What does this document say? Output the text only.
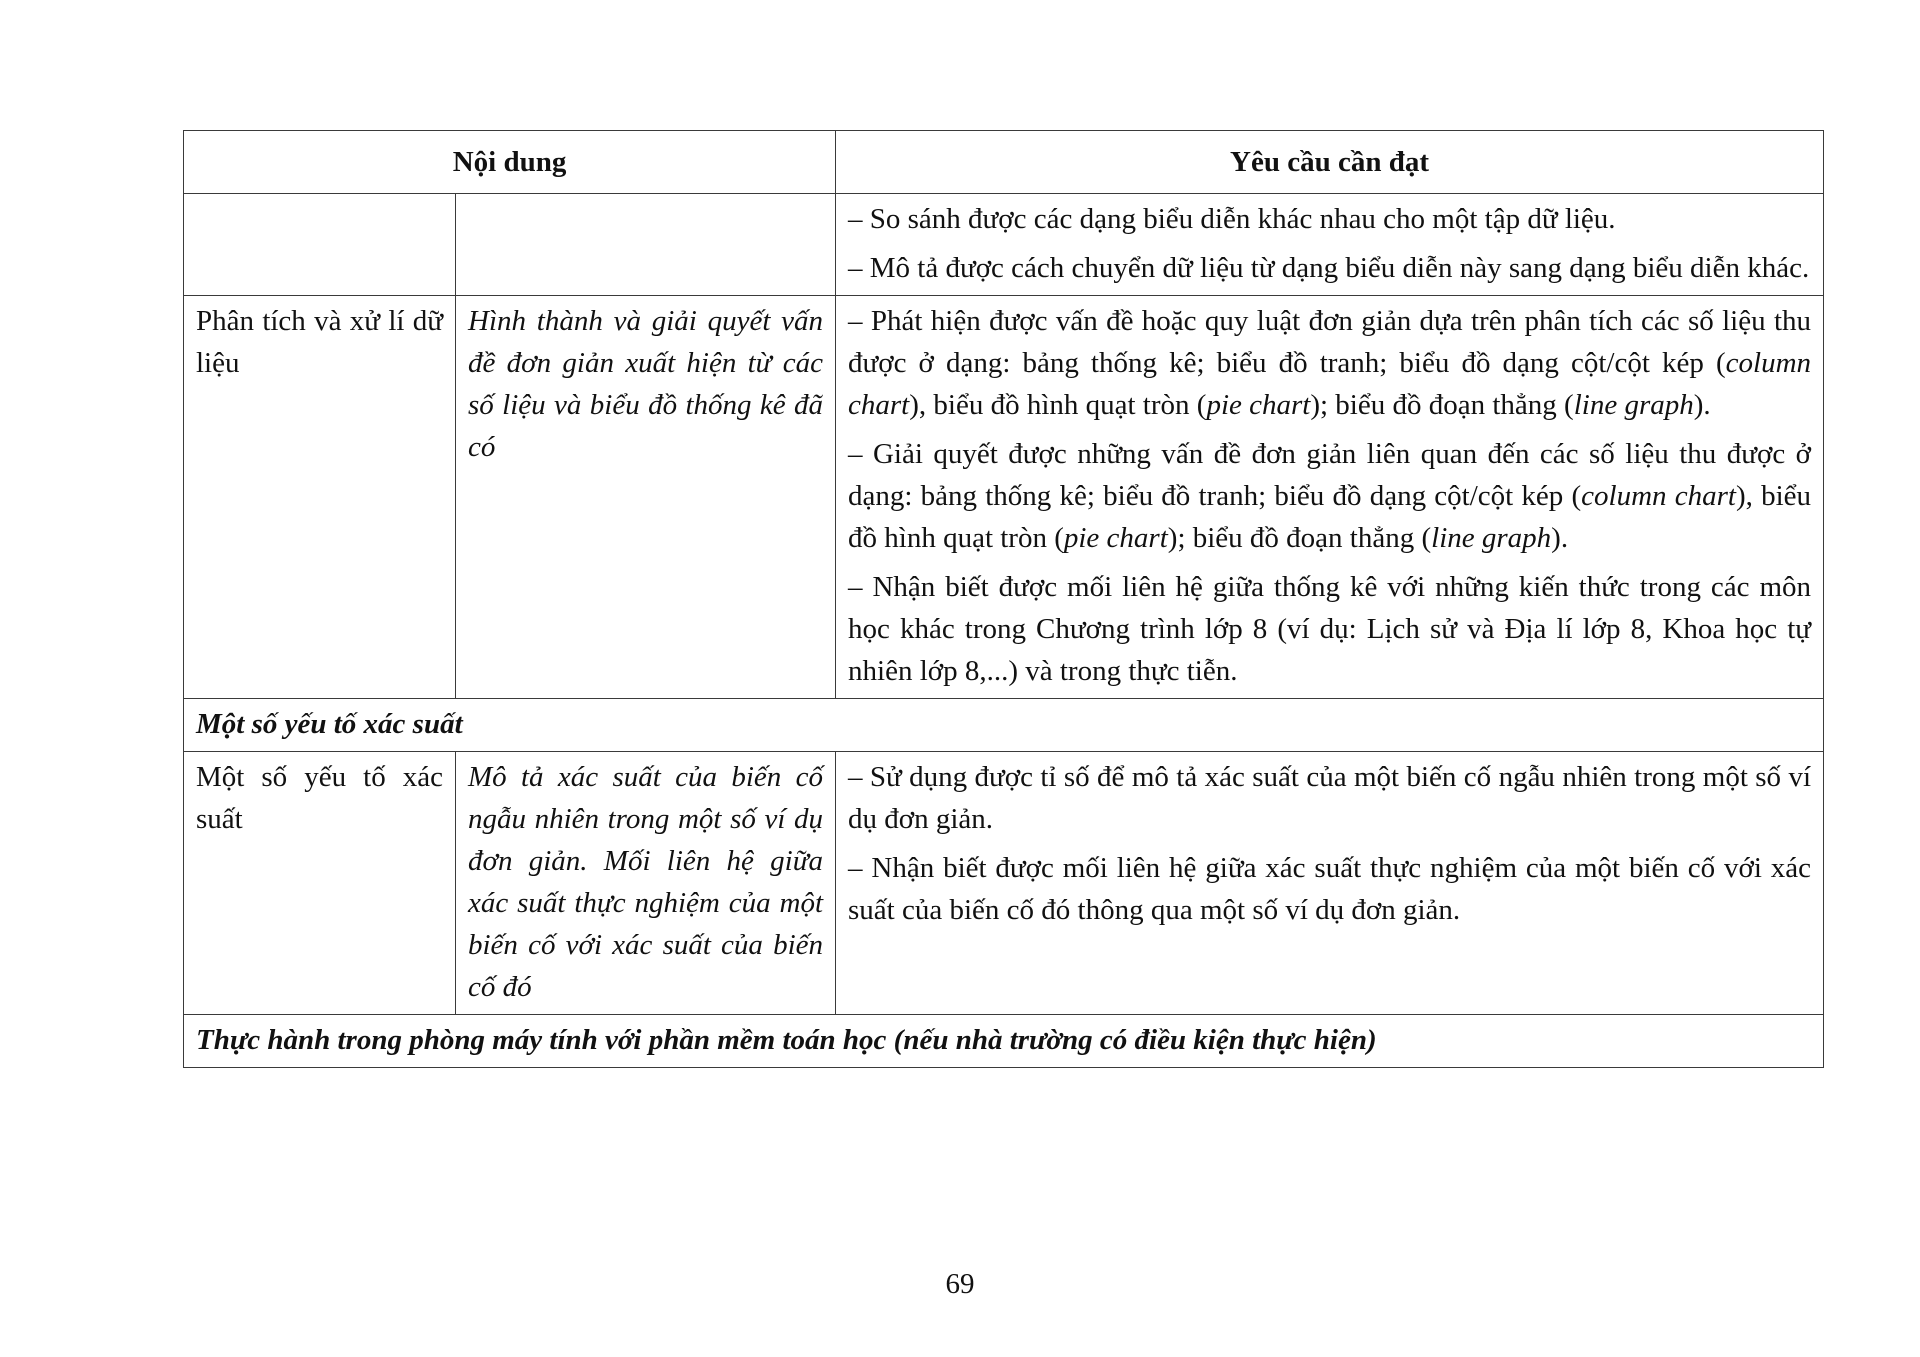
Nội dung		Yêu cầu cần đạt

		– So sánh được các dạng biểu diễn khác nhau cho một tập dữ liệu.

– Mô tả được cách chuyển dữ liệu từ dạng biểu diễn này sang dạng biểu diễn khác.

Phân tích và xử lí dữ liệu	Hình thành và giải quyết vấn đề đơn giản xuất hiện từ các số liệu và biểu đồ thống kê đã có	– Phát hiện được vấn đề hoặc quy luật đơn giản dựa trên phân tích các số liệu thu được ở dạng: bảng thống kê; biểu đồ tranh; biểu đồ dạng cột/cột kép (column chart), biểu đồ hình quạt tròn (pie chart); biểu đồ đoạn thẳng (line graph).

– Giải quyết được những vấn đề đơn giản liên quan đến các số liệu thu được ở dạng: bảng thống kê; biểu đồ tranh; biểu đồ dạng cột/cột kép (column chart), biểu đồ hình quạt tròn (pie chart); biểu đồ đoạn thẳng (line graph).

– Nhận biết được mối liên hệ giữa thống kê với những kiến thức trong các môn học khác trong Chương trình lớp 8 (ví dụ: Lịch sử và Địa lí lớp 8, Khoa học tự nhiên lớp 8,...) và trong thực tiễn.

Một số yếu tố xác suất		
Một số yếu tố xác suất	Mô tả xác suất của biến cố ngẫu nhiên trong một số ví dụ đơn giản. Mối liên hệ giữa xác suất thực nghiệm của một biến cố với xác suất của biến cố đó	– Sử dụng được tỉ số để mô tả xác suất của một biến cố ngẫu nhiên trong một số ví dụ đơn giản.

– Nhận biết được mối liên hệ giữa xác suất thực nghiệm của một biến cố với xác suất của biến cố đó thông qua một số ví dụ đơn giản.

Thực hành trong phòng máy tính với phần mềm toán học (nếu nhà trường có điều kiện thực hiện)		
69
